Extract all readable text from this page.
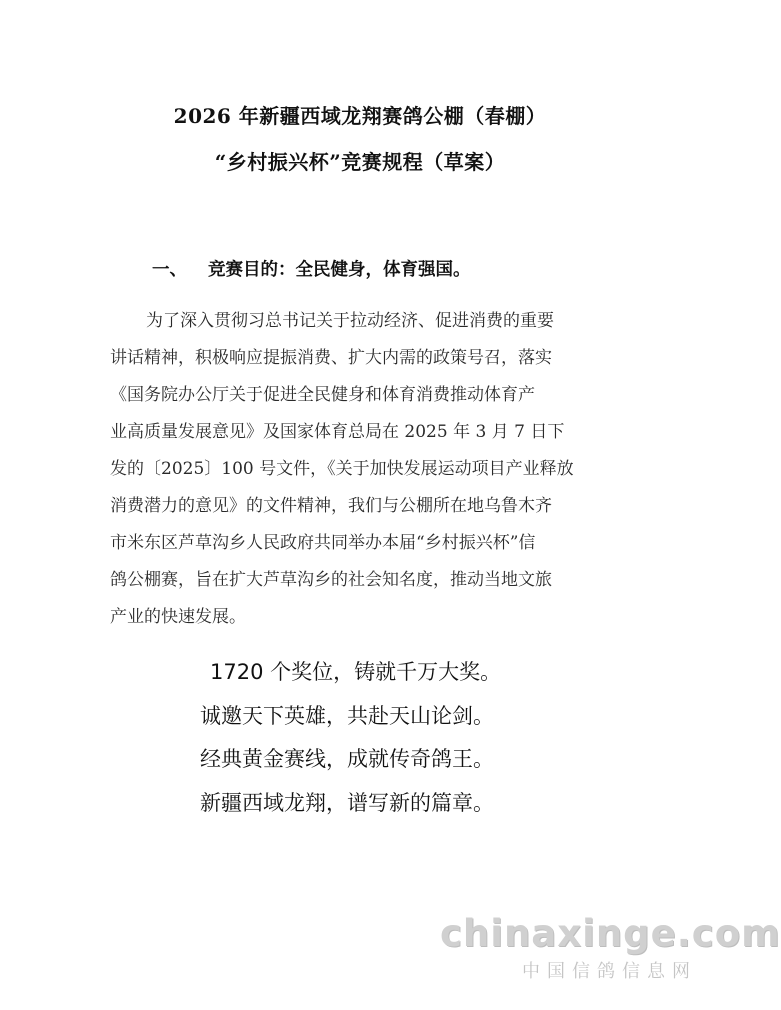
2026 年新疆西域龙翔赛鸽公棚（春棚）
“乡村振兴杯”竞赛规程（草案）
一、 竞赛目的：全民健身，体育强国。
为了深入贯彻习总书记关于拉动经济、促进消费的重要
讲话精神，积极响应提振消费、扩大内需的政策号召，落实
《国务院办公厅关于促进全民健身和体育消费推动体育产
业高质量发展意见》及国家体育总局在 2025 年 3 月 7 日下
发的〔2025〕100 号文件，《关于加快发展运动项目产业释放
消费潜力的意见》的文件精神，我们与公棚所在地乌鲁木齐
市米东区芦草沟乡人民政府共同举办本届“乡村振兴杯”信
鸽公棚赛，旨在扩大芦草沟乡的社会知名度，推动当地文旅
产业的快速发展。
1720 个奖位，铸就千万大奖。
诚邀天下英雄，共赴天山论剑。
经典黄金赛线，成就传奇鸽王。
新疆西域龙翔，谱写新的篇章。
chinaxinge.com
中国信鸽信息网
